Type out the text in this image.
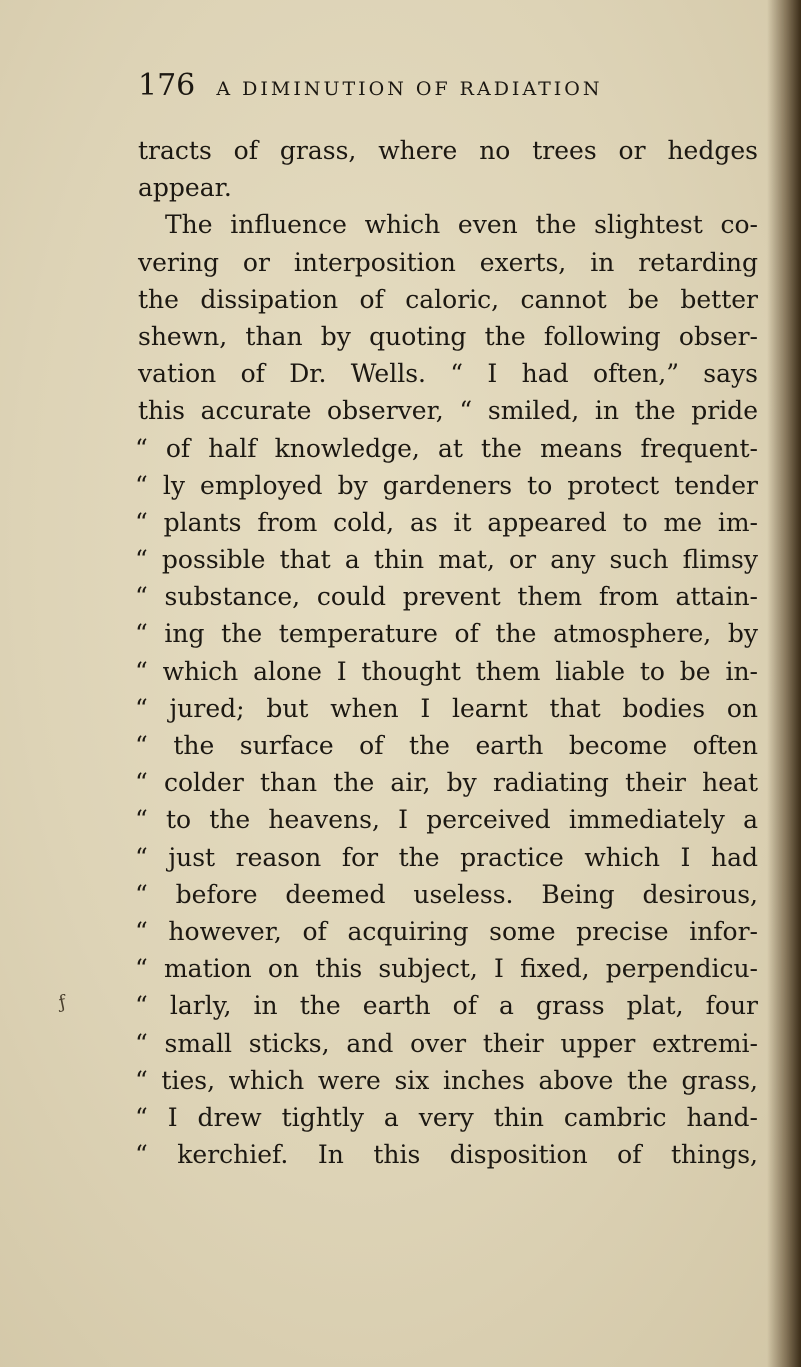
176 A DIMINUTION OF RADIATION
tracts of grass, where no trees or hedges
appear.
The influence which even the slightest co-
vering or interposition exerts, in retarding
the dissipation of caloric, cannot be better
shewn, than by quoting the following obser-
vation of Dr. Wells. “ I had often,” says
this accurate observer, “ smiled, in the pride
“ of half knowledge, at the means frequent-
“ ly employed by gardeners to protect tender
“ plants from cold, as it appeared to me im-
“ possible that a thin mat, or any such flimsy
“ substance, could prevent them from attain-
“ ing the temperature of the atmosphere, by
“ which alone I thought them liable to be in-
“ jured; but when I learnt that bodies on
“ the surface of the earth become often
“ colder than the air, by radiating their heat
“ to the heavens, I perceived immediately a
“ just reason for the practice which I had
“ before deemed useless. Being desirous,
“ however, of acquiring some precise infor-
“ mation on this subject, I fixed, perpendicu-
“ larly, in the earth of a grass plat, four
“ small sticks, and over their upper extremi-
“ ties, which were six inches above the grass,
“ I drew tightly a very thin cambric hand-
“ kerchief. In this disposition of things,
ƒ
